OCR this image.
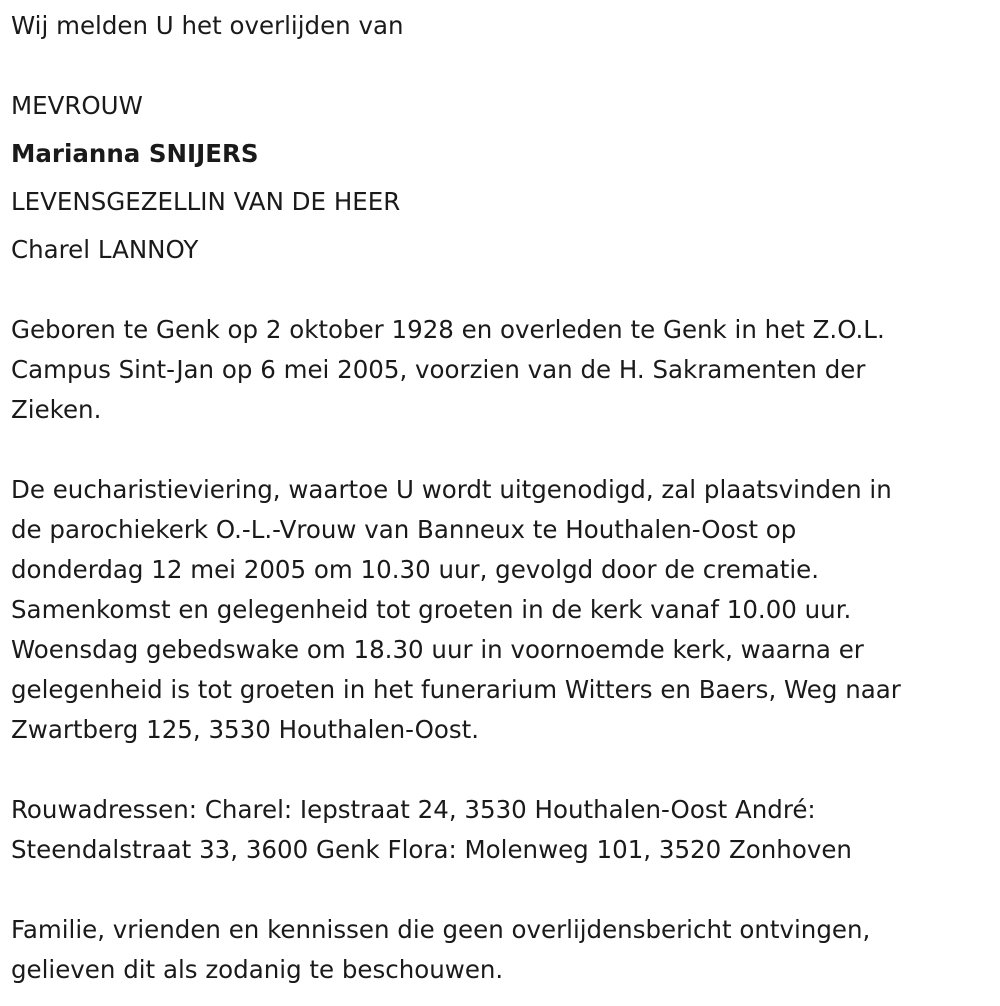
Wij melden U het overlijden van

MEVROUW

Marianna SNIJERS

LEVENSGEZELLIN VAN DE HEER

Charel LANNOY

Geboren te Genk op 2 oktober 1928 en overleden te Genk in het Z.O.L.
Campus Sint-Jan op 6 mei 2005, voorzien van de H. Sakramenten der
Zieken.
De eucharistieviering, waartoe U wordt uitgenodigd, zal plaatsvinden in
de parochiekerk O.-L.-Vrouw van Banneux te Houthalen-Oost op
donderdag 12 mei 2005 om 10.30 uur, gevolgd door de crematie.
Samenkomst en gelegenheid tot groeten in de kerk vanaf 10.00 uur.
Woensdag gebedswake om 18.30 uur in voornoemde kerk, waarna er
gelegenheid is tot groeten in het funerarium Witters en Baers, Weg naar
Zwartberg 125, 3530 Houthalen-Oost.
Rouwadressen: Charel: Iepstraat 24, 3530 Houthalen-Oost André:
Steendalstraat 33, 3600 Genk Flora: Molenweg 101, 3520 Zonhoven
Familie, vrienden en kennissen die geen overlijdensbericht ontvingen,
gelieven dit als zodanig te beschouwen.
